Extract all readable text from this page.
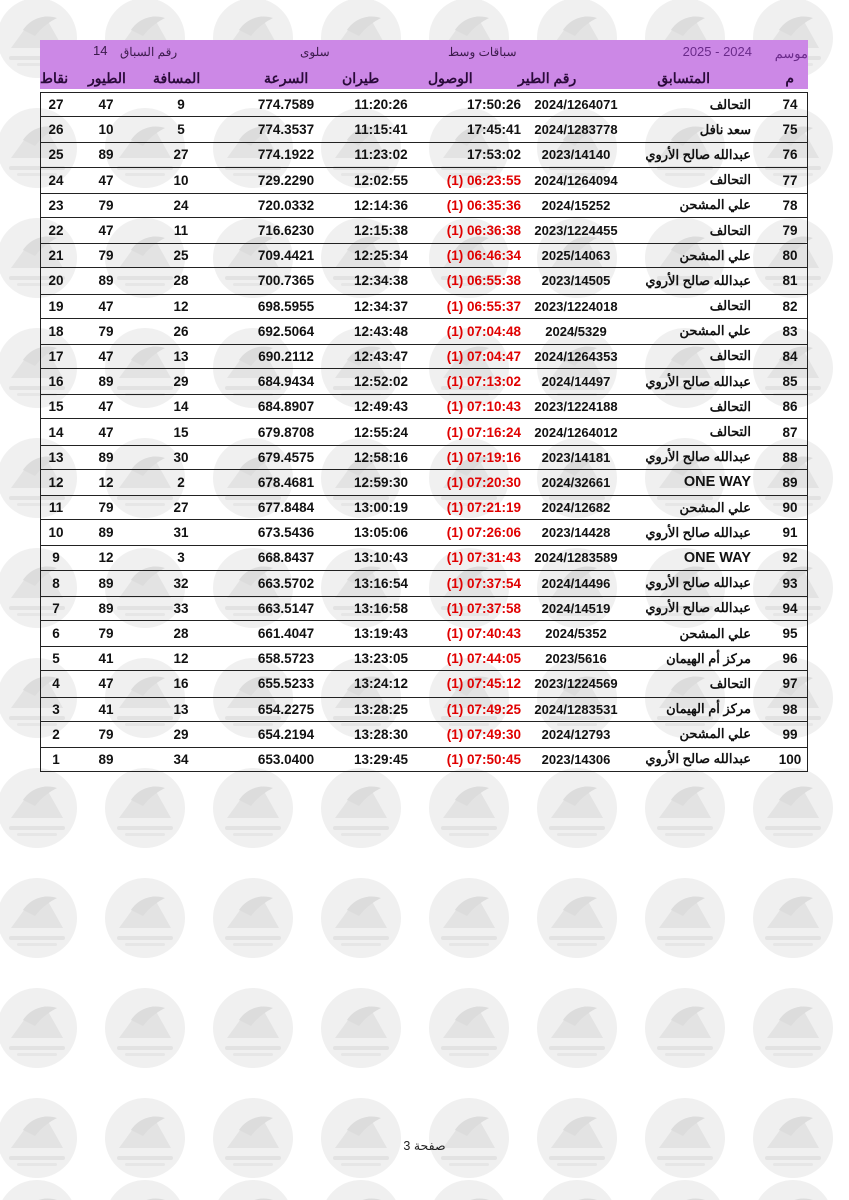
موسم
2025 - 2024
سباقات وسط
سلوى
رقم السباق
14
م
المتسابق
رقم الطير
الوصول
طيران
السرعة
المسافة
الطيور
نقاط
27	47	9	774.7589	11:20:26	17:50:26	2024/1264071	التحالف	74
26	10	5	774.3537	11:15:41	17:45:41	2024/1283778	سعد نافل	75
25	89	27	774.1922	11:23:02	17:53:02	2023/14140	عبدالله صالح الأروي	76
24	47	10	729.2290	12:02:55	(1) 06:23:55	2024/1264094	التحالف	77
23	79	24	720.0332	12:14:36	(1) 06:35:36	2024/15252	علي المشحن	78
22	47	11	716.6230	12:15:38	(1) 06:36:38	2023/1224455	التحالف	79
21	79	25	709.4421	12:25:34	(1) 06:46:34	2025/14063	علي المشحن	80
20	89	28	700.7365	12:34:38	(1) 06:55:38	2023/14505	عبدالله صالح الأروي	81
19	47	12	698.5955	12:34:37	(1) 06:55:37	2023/1224018	التحالف	82
18	79	26	692.5064	12:43:48	(1) 07:04:48	2024/5329	علي المشحن	83
17	47	13	690.2112	12:43:47	(1) 07:04:47	2024/1264353	التحالف	84
16	89	29	684.9434	12:52:02	(1) 07:13:02	2024/14497	عبدالله صالح الأروي	85
15	47	14	684.8907	12:49:43	(1) 07:10:43	2023/1224188	التحالف	86
14	47	15	679.8708	12:55:24	(1) 07:16:24	2024/1264012	التحالف	87
13	89	30	679.4575	12:58:16	(1) 07:19:16	2023/14181	عبدالله صالح الأروي	88
12	12	2	678.4681	12:59:30	(1) 07:20:30	2024/32661	ONE WAY	89
11	79	27	677.8484	13:00:19	(1) 07:21:19	2024/12682	علي المشحن	90
10	89	31	673.5436	13:05:06	(1) 07:26:06	2023/14428	عبدالله صالح الأروي	91
9	12	3	668.8437	13:10:43	(1) 07:31:43	2024/1283589	ONE WAY	92
8	89	32	663.5702	13:16:54	(1) 07:37:54	2024/14496	عبدالله صالح الأروي	93
7	89	33	663.5147	13:16:58	(1) 07:37:58	2024/14519	عبدالله صالح الأروي	94
6	79	28	661.4047	13:19:43	(1) 07:40:43	2024/5352	علي المشحن	95
5	41	12	658.5723	13:23:05	(1) 07:44:05	2023/5616	مركز أم الهيمان	96
4	47	16	655.5233	13:24:12	(1) 07:45:12	2023/1224569	التحالف	97
3	41	13	654.2275	13:28:25	(1) 07:49:25	2024/1283531	مركز أم الهيمان	98
2	79	29	654.2194	13:28:30	(1) 07:49:30	2024/12793	علي المشحن	99
1	89	34	653.0400	13:29:45	(1) 07:50:45	2023/14306	عبدالله صالح الأروي	100
صفحة 3
